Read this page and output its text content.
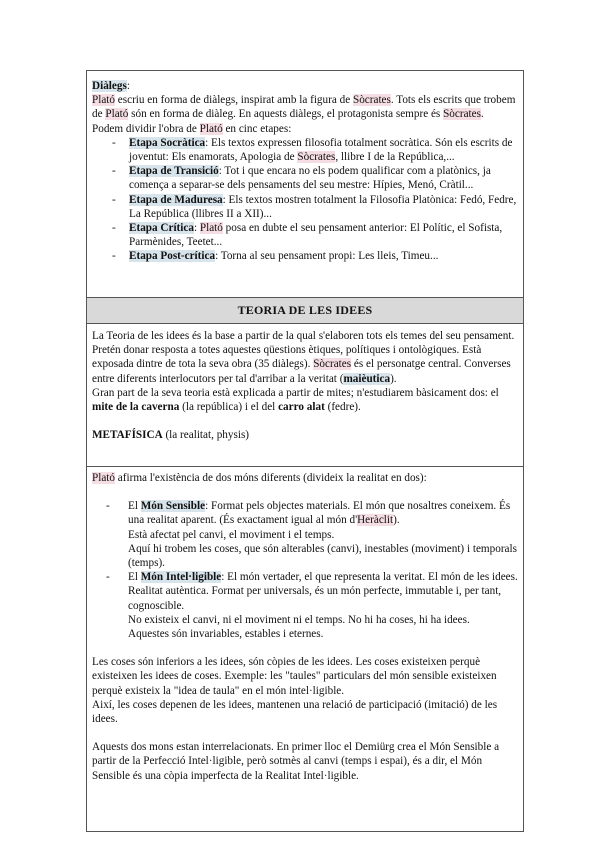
Diàlegs:

Plató escriu en forma de diàlegs, inspirat amb la figura de Sòcrates. Tots els escrits que trobem de Plató són en forma de diàleg. En aquests diàlegs, el protagonista sempre és Sòcrates.

Podem dividir l'obra de Plató en cinc etapes:

- Etapa Socràtica: Els textos expressen filosofia totalment socràtica. Són els escrits de joventut: Els enamorats, Apologia de Sòcrates, llibre I de la República,...
- Etapa de Transició: Tot i que encara no els podem qualificar com a platònics, ja comença a separar-se dels pensaments del seu mestre: Hípies, Menó, Cràtil...
- Etapa de Maduresa: Els textos mostren totalment la Filosofia Platònica: Fedó, Fedre, La República (llibres II a XII)...
- Etapa Crítica: Plató posa en dubte el seu pensament anterior: El Polític, el Sofista, Parmènides, Teetet...
- Etapa Post-crítica: Torna al seu pensament propi: Les lleis, Timeu...
TEORIA DE LES IDEES

La Teoria de les idees és la base a partir de la qual s'elaboren tots els temes del seu pensament. Pretén donar resposta a totes aquestes qüestions ètiques, polítiques i ontològiques. Està exposada dintre de tota la seva obra (35 diàlegs). Sòcrates és el personatge central. Converses entre diferents interlocutors per tal d'arribar a la veritat (maièutica).

Gran part de la seva teoria està explicada a partir de mites; n'estudiarem bàsicament dos: el mite de la caverna (la república) i el del carro alat (fedre).

METAFÍSICA (la realitat, physis)

Plató afirma l'existència de dos móns diferents (divideix la realitat en dos):

- El Món Sensible: Format pels objectes materials. El món que nosaltres coneixem. És una realitat aparent. (És exactament igual al món d'Heràclit).
Està afectat pel canvi, el moviment i el temps.
Aquí hi trobem les coses, que són alterables (canvi), inestables (moviment) i temporals (temps).
- El Món Intel·ligible: El món vertader, el que representa la veritat. El món de les idees. Realitat autèntica. Format per universals, és un món perfecte, immutable i, per tant, cognoscible.
No existeix el canvi, ni el moviment ni el temps. No hi ha coses, hi ha idees.
Aquestes són invariables, estables i eternes.

Les coses són inferiors a les idees, són còpies de les idees. Les coses existeixen perquè existeixen les idees de coses. Exemple: les "taules" particulars del món sensible existeixen perquè existeix la "idea de taula" en el món intel·ligible.

Així, les coses depenen de les idees, mantenen una relació de participació (imitació) de les idees.

Aquests dos mons estan interrelacionats. En primer lloc el Demiürg crea el Món Sensible a partir de la Perfecció Intel·ligible, però sotmès al canvi (temps i espai), és a dir, el Món Sensible és una còpia imperfecta de la Realitat Intel·ligible.
